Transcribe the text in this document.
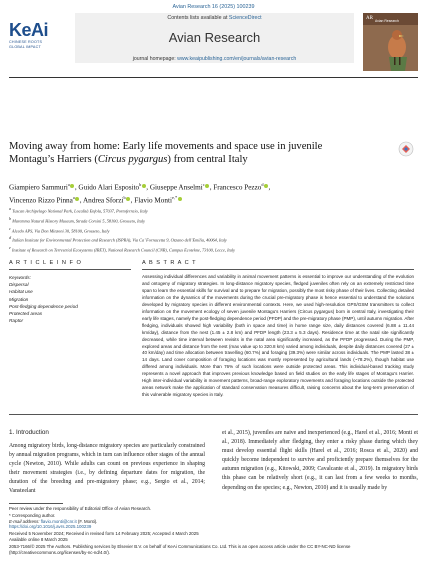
Avian Research 16 (2025) 100239
KeAi
CHINESE ROOTS
GLOBAL IMPACT
Contents lists available at ScienceDirect
Avian Research
journal homepage: www.keaipublishing.com/en/journals/avian-research
AR Avian Research
Moving away from home: Early life movements and space use in juvenile
Montagu’s Harriers (Circus pygargus) from central Italy
Giampiero Sammuri$^a$ , Guido Alari Esposito$^b$ , Giuseppe Anselmi$^c$ , Francesco Pezzo$^d$ ,
Vincenzo Rizzo Pinna$^a$ , Andrea Sforzi$^b$ , Flavio Monti$^{e,*}$
$^a$ Tuscan Archipelago National Park, Località Enfola, 57037, Portoferraio, Italy
$^b$ Maremma Natural History Museum, Strada Corsini 5, 58100, Grosseto, Italy
$^c$ Alcedo APS, Via Don Minzoni 30, 58100, Grosseto, Italy
$^d$ Italian Institute for Environmental Protection and Research (ISPRA), Via Ca’ Fornacetta 9, Ozzano dell’Emilia, 40064, Italy
$^e$ Institute of Research on Terrestrial Ecosystems (IRET), National Research Council (CNR), Campus Ecotekne, 73100, Lecce, Italy
A R T I C L E I N F O
Keywords:
Dispersal
Habitat use
Migration
Post-fledging dependence period
Protected areas
Raptor
A B S T R A C T
Assessing individual differences and variability in animal movement patterns is essential to improve our understanding of the evolution and ontogeny of migratory strategies. In long-distance migratory species, fledged juveniles often rely on an extremely restricted time span to learn the essential skills for survival and to prepare for migration, possibly the most risky phase of their lives. Collecting detailed information on the dynamics of the movements during the crucial pre-migratory phase is hence essential to understand the solutions developed by migratory species in different environmental contexts. Here, we used high-resolution GPS/GSM transmitters to collect information on the movement ecology of seven juvenile Montagu’s Harriers (Circus pygargus) born in central Italy, investigating their early life stages, namely the post-fledging dependence period (PFDP) and the pre-migratory phase (PMP), until autumn migration. After fledging, individuals showed high variability (both in space and time) in home range size, daily distances covered (6.88 ± 11.44 km/day), distance from the nest (1.45 ± 2.8 km) and PFDP length (23.3 ± 5.3 days). Residence time at the natal site significantly decreased, while time interval between revisits in the natal area significantly increased, as the PFDP progressed. During the PMP, explored areas and distance from the nest (max value up to 320.8 km) varied among individuals, despite daily distances covered (27 ± 40 km/day) and time allocation between travelling (60.7%) and foraging (39.3%) were similar across individuals. The PMP lasted 38 ± 14 days. Land cover composition of foraging locations was mostly represented by agricultural lands (~78.2%), though habitat use differed among individuals. More than 76% of such locations were outside protected areas. This individual-based tracking study represents a novel approach that improves previous knowledge based on field studies on the early life stages of Montagu’s Harrier. High inter-individual variability in movement patterns, broad-range exploratory movements and foraging locations outside the protected areas network make the application of standard conservation measures difficult, raising concerns about the long-term preservation of this vulnerable migratory species in Italy.
1. Introduction
Among migratory birds, long-distance migratory species are particularly constrained by annual migration programs, which in turn can influence other stages of the annual cycle (Newton, 2010). While adults can count on previous experience in shaping their movement strategies (i.e., by defining departure dates for migration, the duration of the breeding and pre-migratory phase; e.g., Sergio et al., 2014; Vansteelant
et al., 2015), juveniles are naive and inexperienced (e.g., Harel et al., 2016; Monti et al., 2018). Immediately after fledging, they enter a risky phase during which they must develop essential flight skills (Harel et al., 2016; Rosca et al., 2020) and quickly become independent to survive and proficiently prepare themselves for the autumn migration (e.g., Kitowski, 2009; Cavalcante et al., 2019). In migratory birds this phase can be relatively short (e.g., it can last from a few weeks to months, depending on the species; e.g., Newton, 2010) and it is usually made by
Peer review under the responsibility of Editorial Office of Avian Research.
* Corresponding author.
E-mail address: flavio.monti@cnr.it (F. Monti).
https://doi.org/10.1016/j.avrs.2025.100239
Received 5 November 2024; Received in revised form 14 February 2025; Accepted 4 March 2025
Available online 8 March 2025
2053-7166/© 2025 The Authors. Publishing services by Elsevier B.V. on behalf of KeAi Communications Co. Ltd. This is an open access article under the CC BY-NC-ND license (http://creativecommons.org/licenses/by-nc-nd/4.0/).
